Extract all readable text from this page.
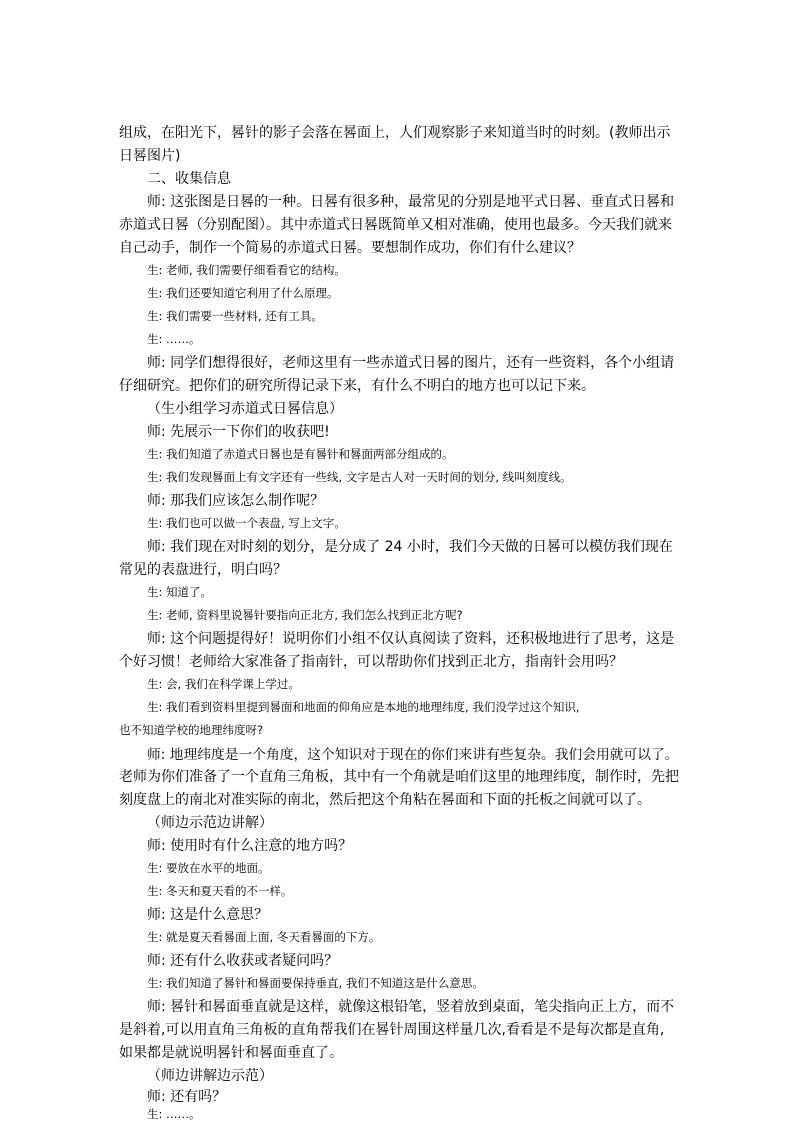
组成，在阳光下，晷针的影子会落在晷面上，人们观察影子来知道当时的时刻。(教师出示
日晷图片)
二、收集信息
师: 这张图是日晷的一种。日晷有很多种，最常见的分别是地平式日晷、垂直式日晷和
赤道式日晷（分别配图）。其中赤道式日晷既简单又相对准确，使用也最多。今天我们就来
自己动手，制作一个简易的赤道式日晷。要想制作成功，你们有什么建议？
生: 老师, 我们需要仔细看看它的结构。
生: 我们还要知道它利用了什么原理。
生: 我们需要一些材料, 还有工具。
生: ……。
师: 同学们想得很好，老师这里有一些赤道式日晷的图片，还有一些资料，各个小组请
仔细研究。把你们的研究所得记录下来，有什么不明白的地方也可以记下来。
（生小组学习赤道式日晷信息）
师: 先展示一下你们的收获吧!
生: 我们知道了赤道式日晷也是有晷针和晷面两部分组成的。
生: 我们发现晷面上有文字还有一些线, 文字是古人对一天时间的划分, 线叫刻度线。
师: 那我们应该怎么制作呢？
生: 我们也可以做一个表盘, 写上文字。
师: 我们现在对时刻的划分，是分成了 24 小时，我们今天做的日晷可以模仿我们现在
常见的表盘进行，明白吗？
生: 知道了。
生: 老师, 资料里说晷针要指向正北方, 我们怎么找到正北方呢?
师: 这个问题提得好！说明你们小组不仅认真阅读了资料，还积极地进行了思考，这是
个好习惯！老师给大家准备了指南针，可以帮助你们找到正北方，指南针会用吗？
生: 会, 我们在科学课上学过。
生: 我们看到资料里提到晷面和地面的仰角应是本地的地理纬度, 我们没学过这个知识,
也不知道学校的地理纬度呀?
师: 地理纬度是一个角度，这个知识对于现在的你们来讲有些复杂。我们会用就可以了。
老师为你们准备了一个直角三角板，其中有一个角就是咱们这里的地理纬度，制作时，先把
刻度盘上的南北对准实际的南北，然后把这个角粘在晷面和下面的托板之间就可以了。
（师边示范边讲解）
师: 使用时有什么注意的地方吗？
生: 要放在水平的地面。
生: 冬天和夏天看的不一样。
师: 这是什么意思？
生: 就是夏天看晷面上面, 冬天看晷面的下方。
师: 还有什么收获或者疑问吗？
生: 我们知道了晷针和晷面要保持垂直, 我们不知道这是什么意思。
师: 晷针和晷面垂直就是这样，就像这根铅笔，竖着放到桌面，笔尖指向正上方，而不
是斜着,可以用直角三角板的直角帮我们在晷针周围这样量几次,看看是不是每次都是直角,
如果都是就说明晷针和晷面垂直了。
（师边讲解边示范）
师: 还有吗？
生: ……。
